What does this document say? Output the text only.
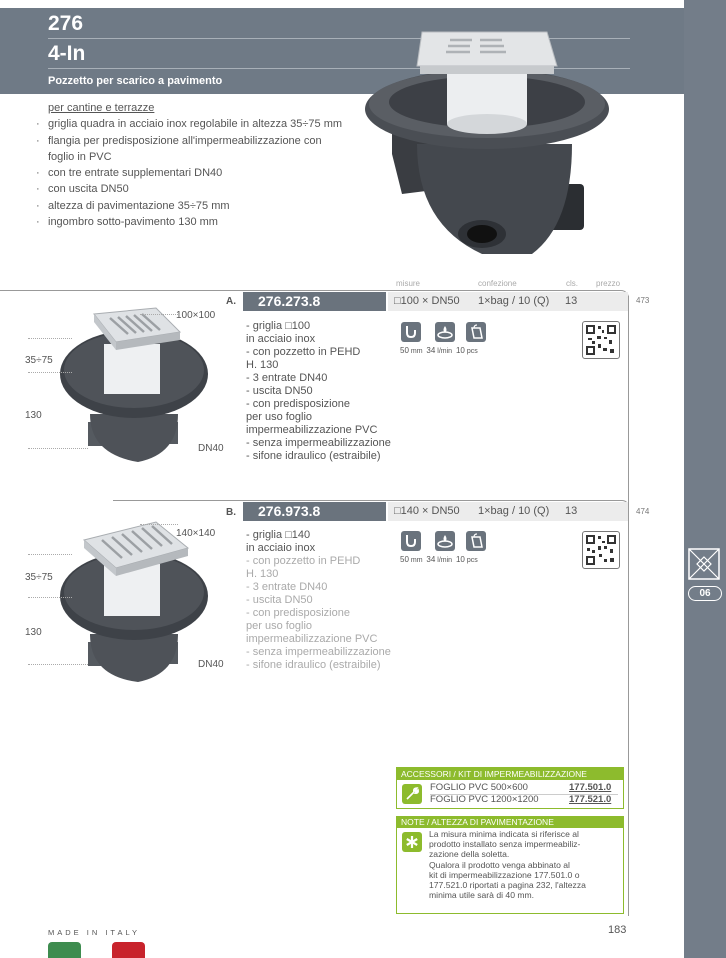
276
4-In
Pozzetto per scarico a pavimento
06
per cantine e terrazze
· griglia quadra in acciaio inox regolabile in altezza 35÷75 mm
· flangia per predisposizione all'impermeabilizzazione con
foglio in PVC
· con tre entrate supplementari DN40
· con uscita DN50
· altezza di pavimentazione 35÷75 mm
· ingombro sotto-pavimento 130 mm
misure	confezione	cls. prezzo
473
A.	276.273.8	□100 × DN50 1×bag / 10 (Q) 13
100×100
35÷75
130
DN40
- griglia □100
in acciaio inox
- con pozzetto in PEHD
H. 130
- 3 entrate DN40
- uscita DN50
- con predisposizione
per uso foglio
impermeabilizzazione PVC
- senza impermeabilizzazione
- sifone idraulico (estraibile)
50 mm 34 l/min 10 pcs
474
B.	276.973.8	□140 × DN50 1×bag / 10 (Q) 13
140×140
35÷75
130
DN40
- griglia □140
in acciaio inox
- con pozzetto in PEHD
H. 130
- 3 entrate DN40
- uscita DN50
- con predisposizione
per uso foglio
impermeabilizzazione PVC
- senza impermeabilizzazione
- sifone idraulico (estraibile)
50 mm 34 l/min 10 pcs
ACCESSORI / KIT DI IMPERMEABILIZZAZIONE
FOGLIO PVC 500×600	177.501.0
FOGLIO PVC 1200×1200	177.521.0
NOTE / ALTEZZA DI PAVIMENTAZIONE
La misura minima indicata si riferisce al
prodotto installato senza impermeabiliz-
zazione della soletta.
Qualora il prodotto venga abbinato al
kit di impermeabilizzazione 177.501.0 o
177.521.0 riportati a pagina 232, l'altezza
minima utile sarà di 40 mm.
MADE IN ITALY	183
